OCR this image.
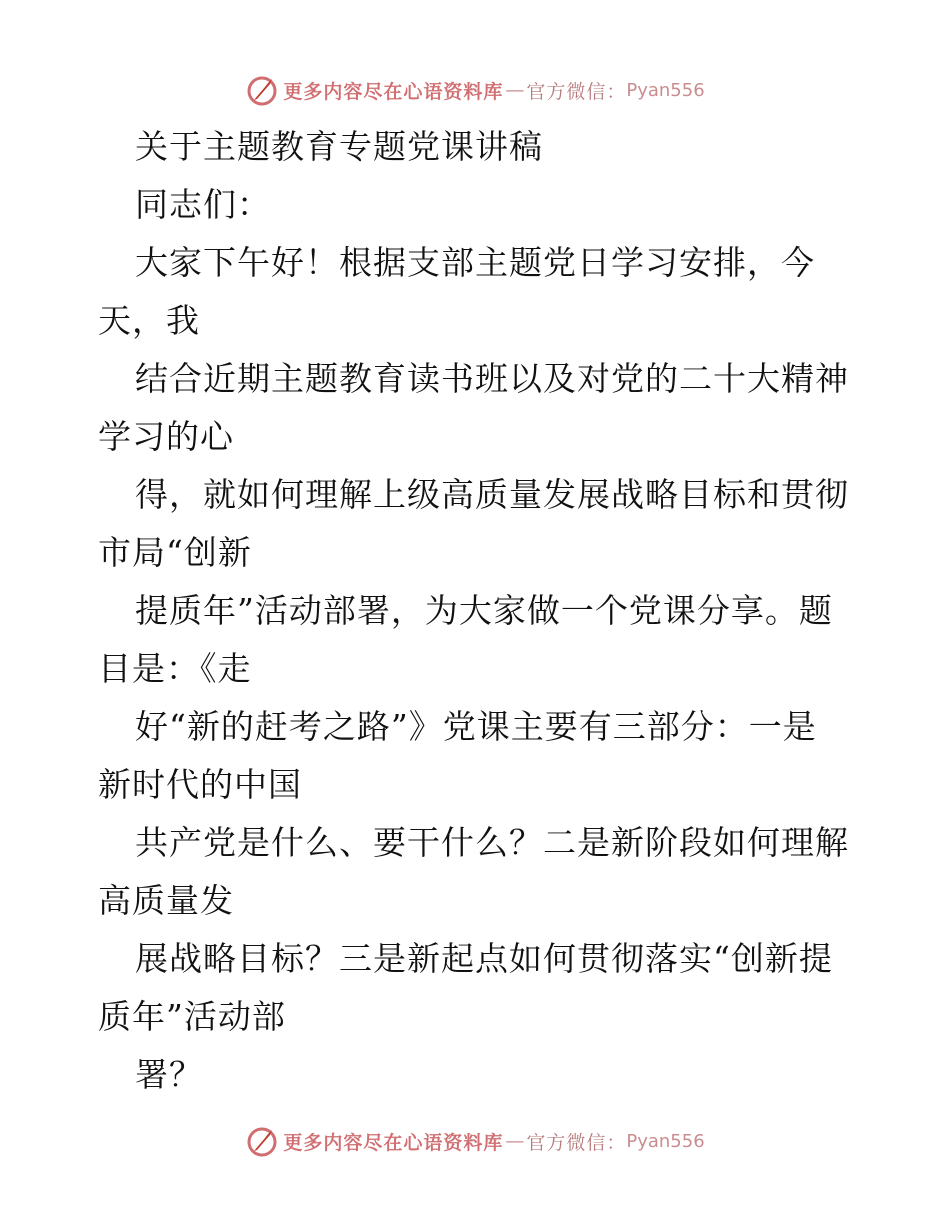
更多内容尽在心语资料库 — 官方微信： Pyan556
关于主题教育专题党课讲稿
同志们：
大家下午好！根据支部主题党日学习安排，今
天，我
结合近期主题教育读书班以及对党的二十大精神
学习的心
得，就如何理解上级高质量发展战略目标和贯彻
市局“创新
提质年”活动部署，为大家做一个党课分享。题
目是：《走
好“新的赶考之路”》党课主要有三部分：一是
新时代的中国
共产党是什么、要干什么？二是新阶段如何理解
高质量发
展战略目标？三是新起点如何贯彻落实“创新提
质年”活动部
署？
更多内容尽在心语资料库 — 官方微信： Pyan556
